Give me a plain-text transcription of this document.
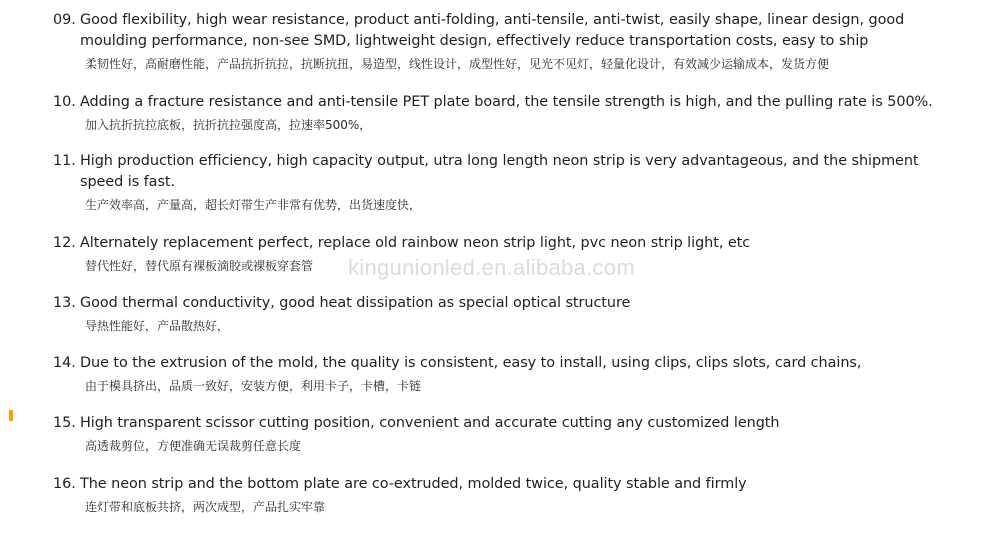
09. Good flexibility, high wear resistance, product anti-folding, anti-tensile, anti-twist, easily shape, linear design, good
moulding performance, non-see SMD, lightweight design, effectively reduce transportation costs, easy to ship
柔韧性好，高耐磨性能，产品抗折抗拉，抗断抗扭，易造型，线性设计，成型性好，见光不见灯，轻量化设计，有效减少运输成本，发货方便
10. Adding a fracture resistance and anti-tensile PET plate board, the tensile strength is high, and the pulling rate is 500%.
加入抗折抗拉底板，抗折抗拉强度高，拉速率500%，
11. High production efficiency, high capacity output, utra long length neon strip is very advantageous, and the shipment
speed is fast.
生产效率高，产量高，超长灯带生产非常有优势，出货速度快，
12. Alternately replacement perfect, replace old rainbow neon strip light, pvc neon strip light, etc
替代性好，替代原有裸板滴胶或裸板穿套管
13. Good thermal conductivity, good heat dissipation as special optical structure
导热性能好，产品散热好，
14. Due to the extrusion of the mold, the quality is consistent, easy to install, using clips, clips slots, card chains,
由于模具挤出，品质一致好，安装方便，利用卡子，卡槽，卡链
15. High transparent scissor cutting position, convenient and accurate cutting any customized length
高透裁剪位，方便准确无误裁剪任意长度
16. The neon strip and the bottom plate are co-extruded, molded twice, quality stable and firmly
连灯带和底板共挤，两次成型，产品扎实牢靠
kingunionled.en.alibaba.com
